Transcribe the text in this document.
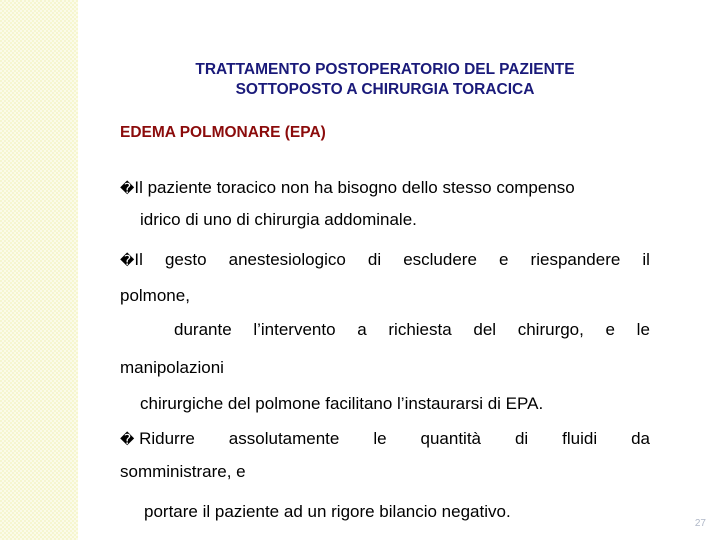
TRATTAMENTO POSTOPERATORIO DEL PAZIENTE
SOTTOPOSTO A CHIRURGIA TORACICA
EDEMA POLMONARE (EPA)
�Il paziente toracico non ha bisogno dello stesso compenso
idrico di uno di chirurgia addominale.
�Il gesto anestesiologico di escludere e riespandere il
polmone,
durante l’intervento a richiesta del chirurgo, e le
manipolazioni
chirurgiche del polmone facilitano l’instaurarsi di EPA.
� Ridurre assolutamente le quantità di fluidi da
somministrare, e
portare il paziente ad un rigore bilancio negativo.
27
